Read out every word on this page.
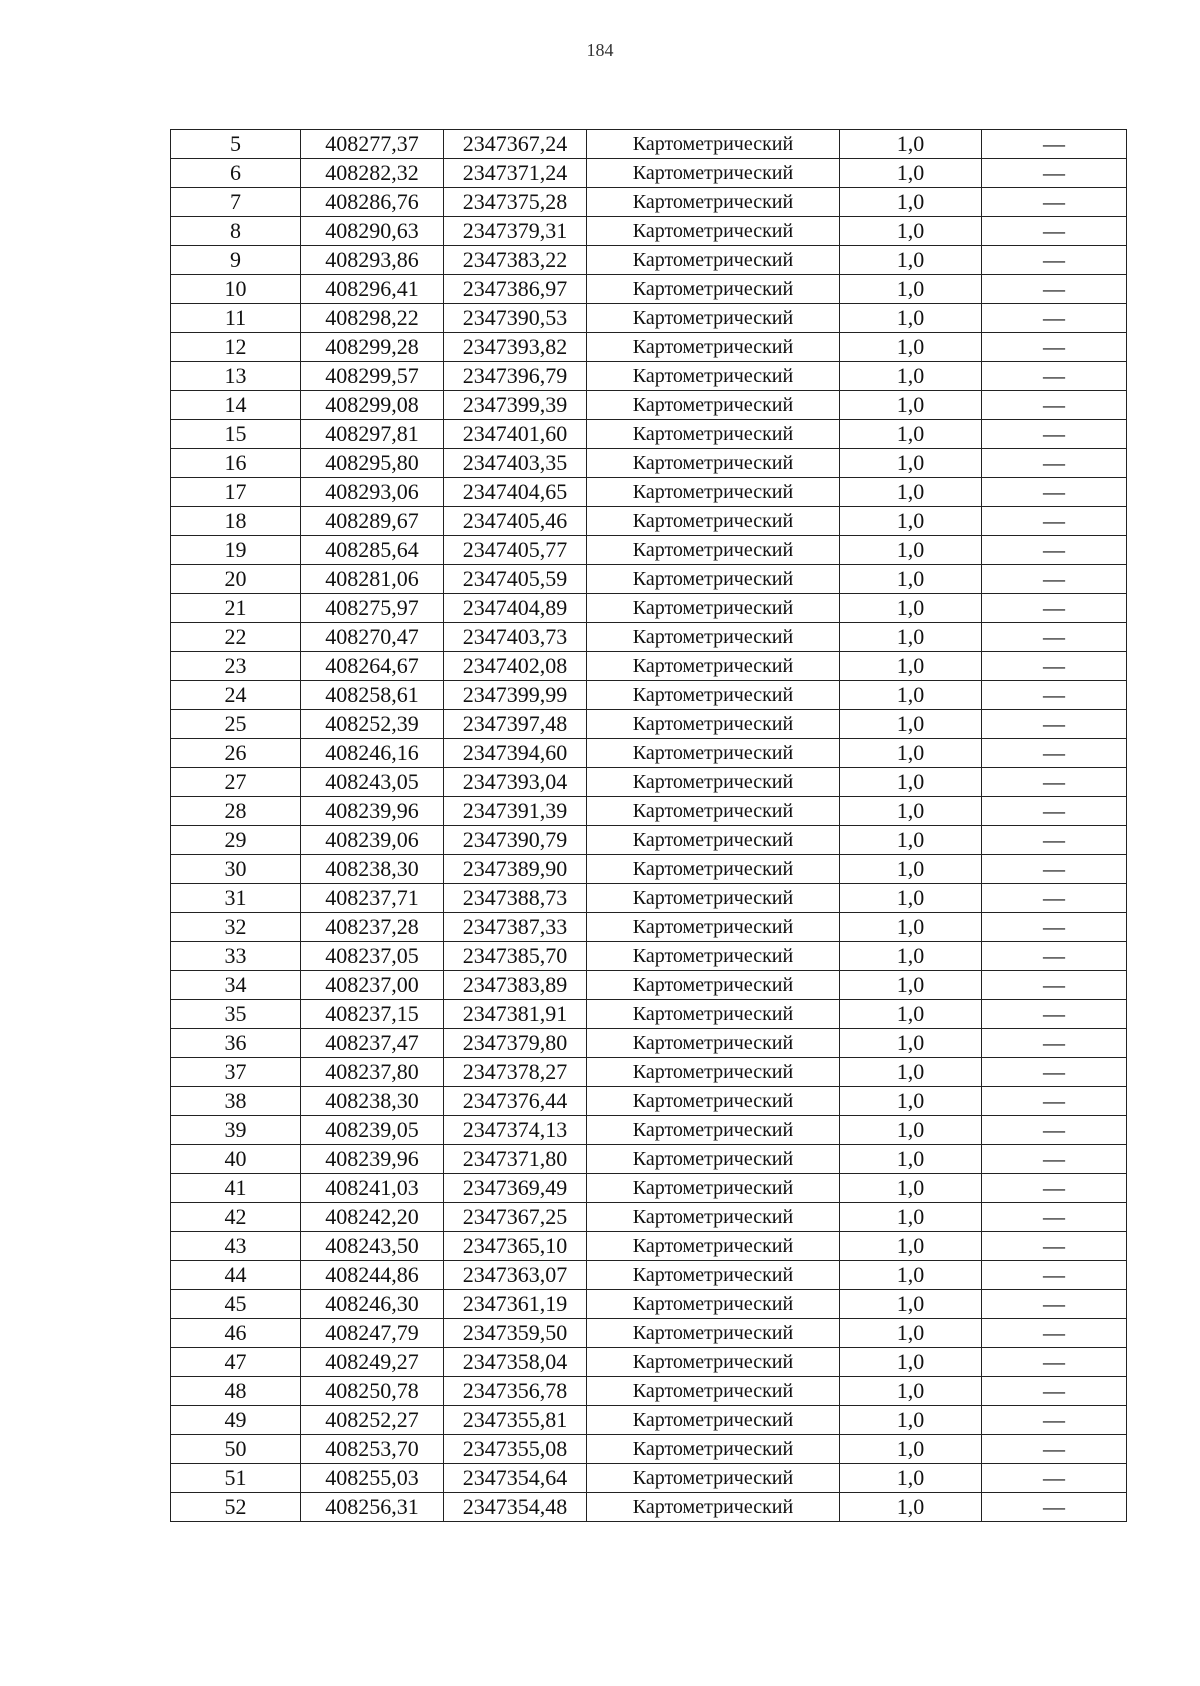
184
5	408277,37	2347367,24	Картометрический	1,0	—
6	408282,32	2347371,24	Картометрический	1,0	—
7	408286,76	2347375,28	Картометрический	1,0	—
8	408290,63	2347379,31	Картометрический	1,0	—
9	408293,86	2347383,22	Картометрический	1,0	—
10	408296,41	2347386,97	Картометрический	1,0	—
11	408298,22	2347390,53	Картометрический	1,0	—
12	408299,28	2347393,82	Картометрический	1,0	—
13	408299,57	2347396,79	Картометрический	1,0	—
14	408299,08	2347399,39	Картометрический	1,0	—
15	408297,81	2347401,60	Картометрический	1,0	—
16	408295,80	2347403,35	Картометрический	1,0	—
17	408293,06	2347404,65	Картометрический	1,0	—
18	408289,67	2347405,46	Картометрический	1,0	—
19	408285,64	2347405,77	Картометрический	1,0	—
20	408281,06	2347405,59	Картометрический	1,0	—
21	408275,97	2347404,89	Картометрический	1,0	—
22	408270,47	2347403,73	Картометрический	1,0	—
23	408264,67	2347402,08	Картометрический	1,0	—
24	408258,61	2347399,99	Картометрический	1,0	—
25	408252,39	2347397,48	Картометрический	1,0	—
26	408246,16	2347394,60	Картометрический	1,0	—
27	408243,05	2347393,04	Картометрический	1,0	—
28	408239,96	2347391,39	Картометрический	1,0	—
29	408239,06	2347390,79	Картометрический	1,0	—
30	408238,30	2347389,90	Картометрический	1,0	—
31	408237,71	2347388,73	Картометрический	1,0	—
32	408237,28	2347387,33	Картометрический	1,0	—
33	408237,05	2347385,70	Картометрический	1,0	—
34	408237,00	2347383,89	Картометрический	1,0	—
35	408237,15	2347381,91	Картометрический	1,0	—
36	408237,47	2347379,80	Картометрический	1,0	—
37	408237,80	2347378,27	Картометрический	1,0	—
38	408238,30	2347376,44	Картометрический	1,0	—
39	408239,05	2347374,13	Картометрический	1,0	—
40	408239,96	2347371,80	Картометрический	1,0	—
41	408241,03	2347369,49	Картометрический	1,0	—
42	408242,20	2347367,25	Картометрический	1,0	—
43	408243,50	2347365,10	Картометрический	1,0	—
44	408244,86	2347363,07	Картометрический	1,0	—
45	408246,30	2347361,19	Картометрический	1,0	—
46	408247,79	2347359,50	Картометрический	1,0	—
47	408249,27	2347358,04	Картометрический	1,0	—
48	408250,78	2347356,78	Картометрический	1,0	—
49	408252,27	2347355,81	Картометрический	1,0	—
50	408253,70	2347355,08	Картометрический	1,0	—
51	408255,03	2347354,64	Картометрический	1,0	—
52	408256,31	2347354,48	Картометрический	1,0	—
